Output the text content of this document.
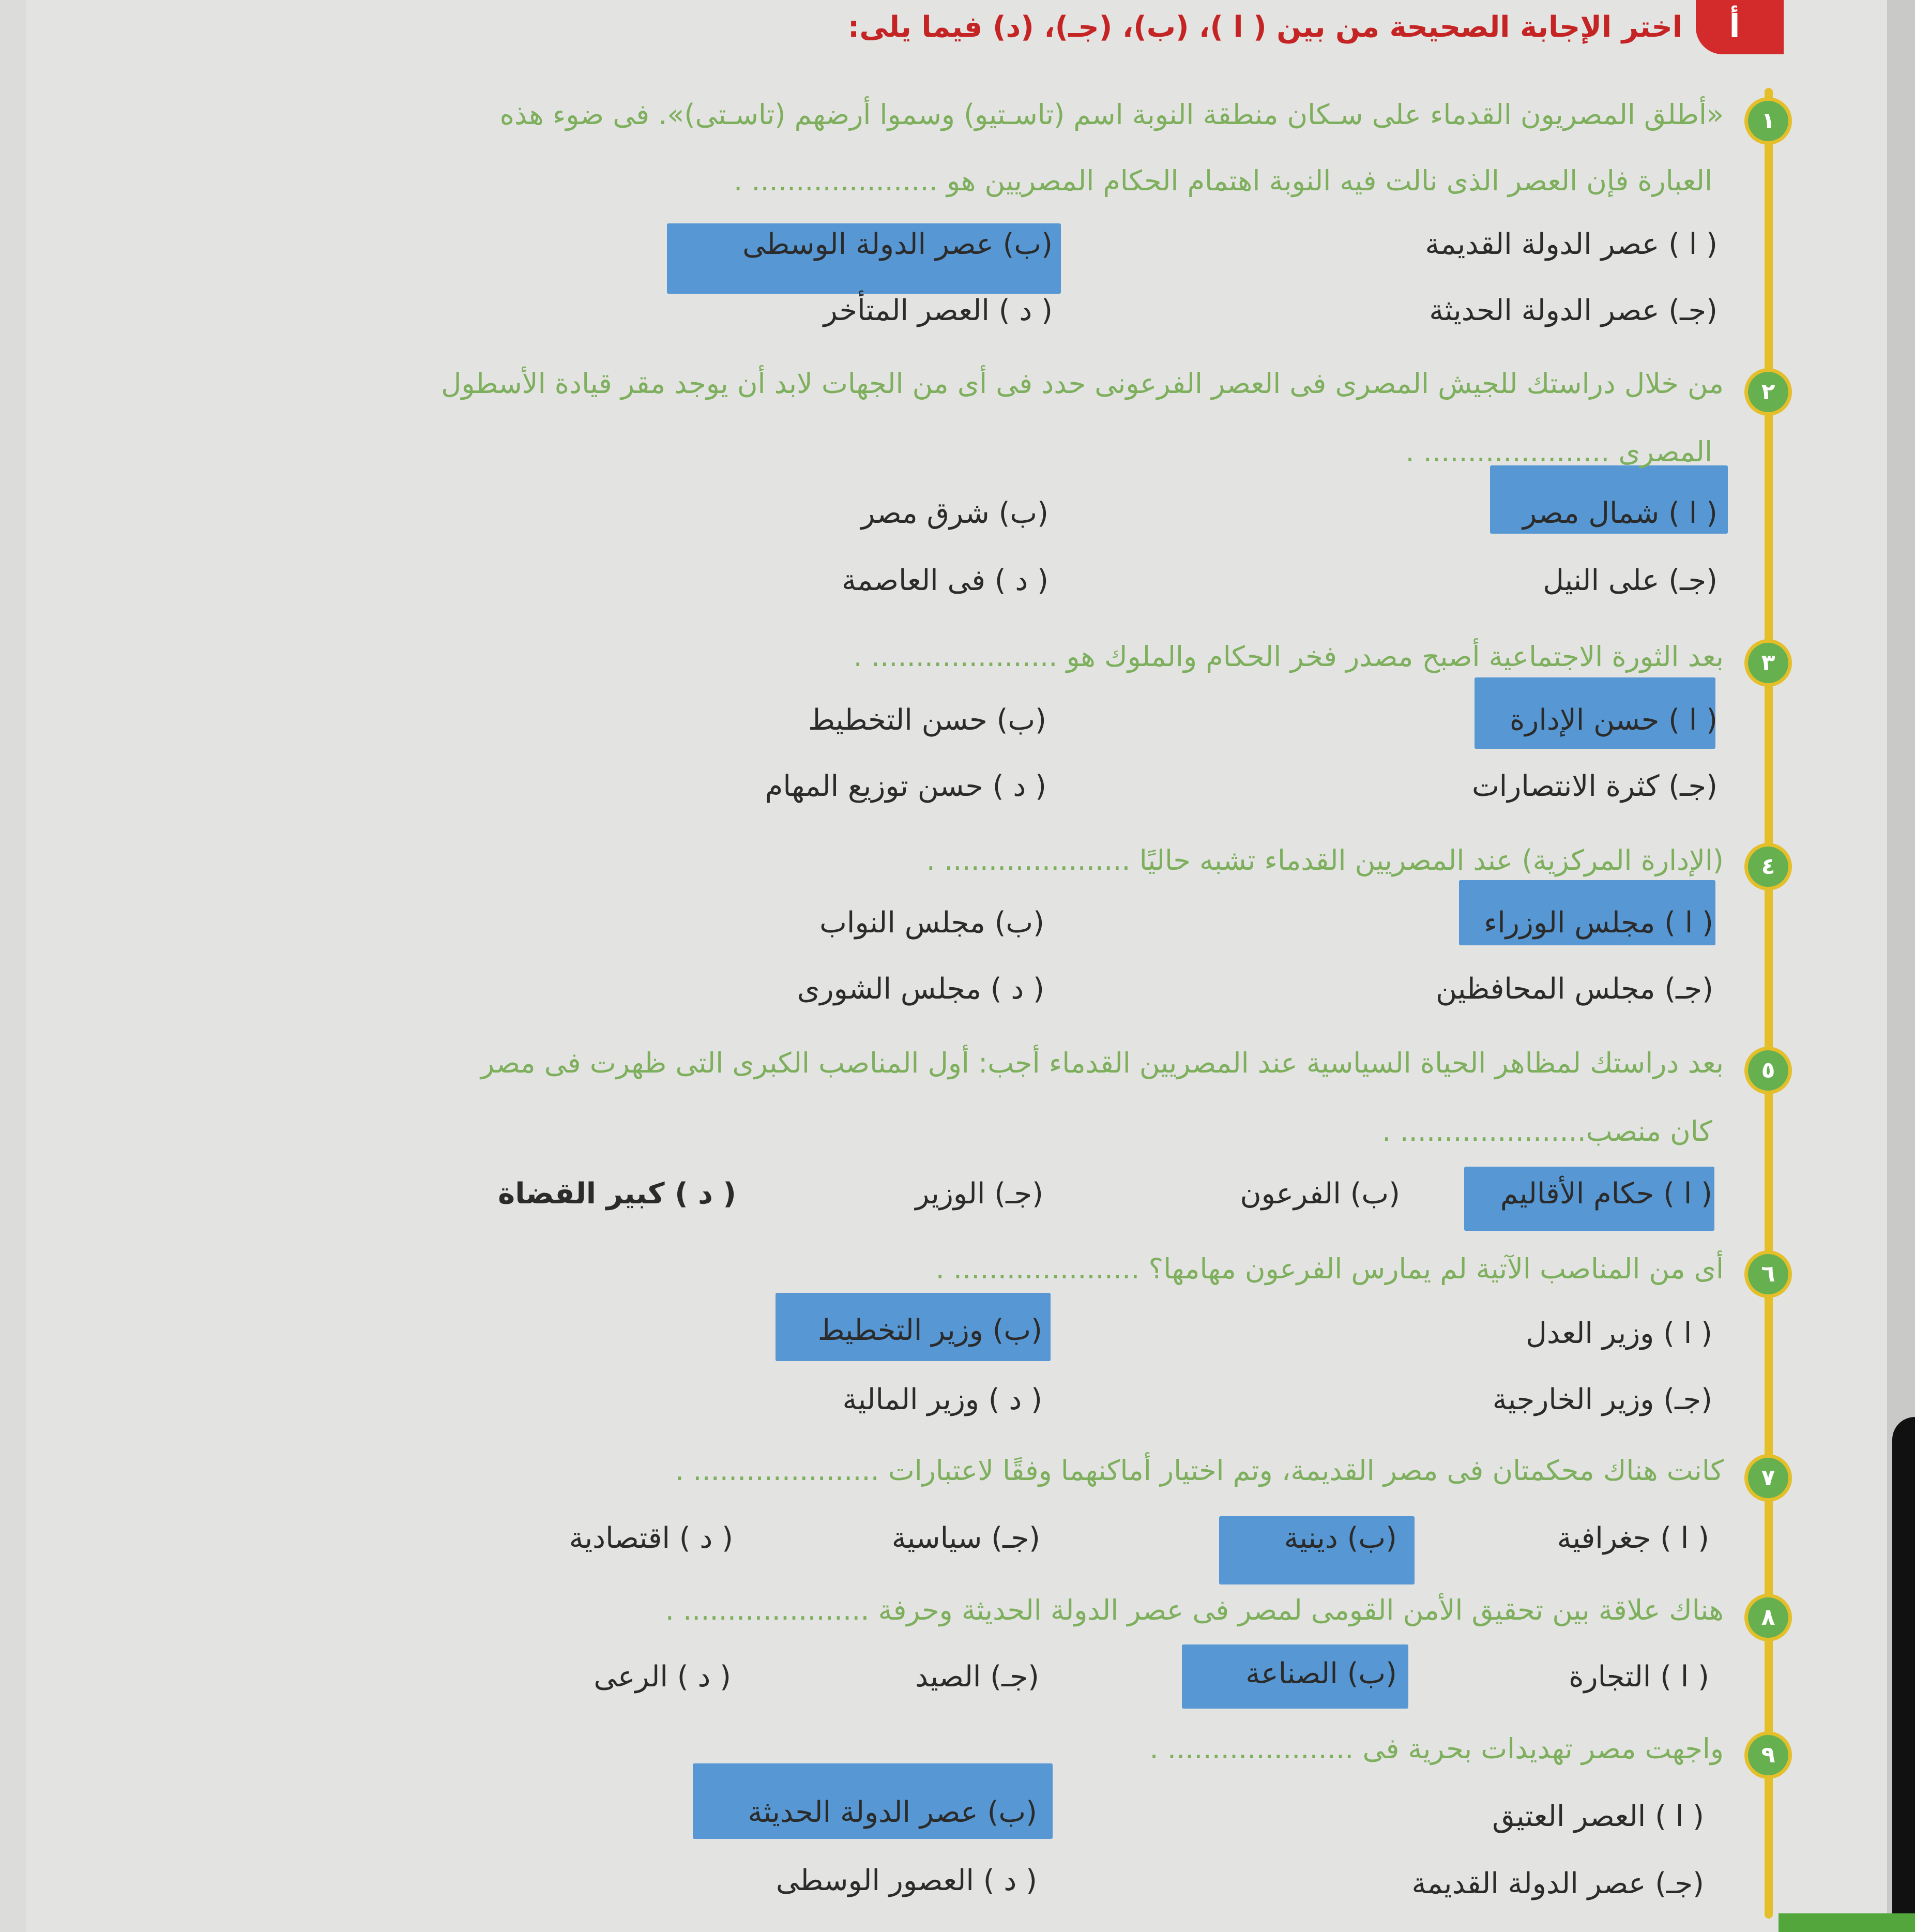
أ
اختر الإجابة الصحيحة من بين ( ا )، (ب)، (جـ)، (د) فيما يلى:
١
«أطلق المصريون القدماء على سـكان منطقة النوبة اسم (تاسـتيو) وسموا أرضهم (تاسـتى)». فى ضوء هذه
العبارة فإن العصر الذى نالت فيه النوبة اهتمام الحكام المصريين هو ..................... .
( ا ) عصر الدولة القديمة
(ب) عصر الدولة الوسطى
(جـ) عصر الدولة الحديثة
( د ) العصر المتأخر
٢
من خلال دراستك للجيش المصرى فى العصر الفرعونى حدد فى أى من الجهات لابد أن يوجد مقر قيادة الأسطول
المصرى ..................... .
( ا ) شمال مصر
(ب) شرق مصر
(جـ) على النيل
( د ) فى العاصمة
٣
بعد الثورة الاجتماعية أصبح مصدر فخر الحكام والملوك هو ..................... .
( ا ) حسن الإدارة
(ب) حسن التخطيط
(جـ) كثرة الانتصارات
( د ) حسن توزيع المهام
٤
(الإدارة المركزية) عند المصريين القدماء تشبه حاليًا ..................... .
( ا ) مجلس الوزراء
(ب) مجلس النواب
(جـ) مجلس المحافظين
( د ) مجلس الشورى
٥
بعد دراستك لمظاهر الحياة السياسية عند المصريين القدماء أجب: أول المناصب الكبرى التى ظهرت فى مصر
كان منصب..................... .
( ا ) حكام الأقاليم
(ب) الفرعون
(جـ) الوزير
( د ) كبير القضاة
٦
أى من المناصب الآتية لم يمارس الفرعون مهامها؟ ..................... .
( ا ) وزير العدل
(ب) وزير التخطيط
(جـ) وزير الخارجية
( د ) وزير المالية
٧
كانت هناك محكمتان فى مصر القديمة، وتم اختيار أماكنهما وفقًا لاعتبارات ..................... .
( ا ) جغرافية
(ب) دينية
(جـ) سياسية
( د ) اقتصادية
٨
هناك علاقة بين تحقيق الأمن القومى لمصر فى عصر الدولة الحديثة وحرفة ..................... .
( ا ) التجارة
(ب) الصناعة
(جـ) الصيد
( د ) الرعى
٩
واجهت مصر تهديدات بحرية فى ..................... .
( ا ) العصر العتيق
(ب) عصر الدولة الحديثة
(جـ) عصر الدولة القديمة
( د ) العصور الوسطى
